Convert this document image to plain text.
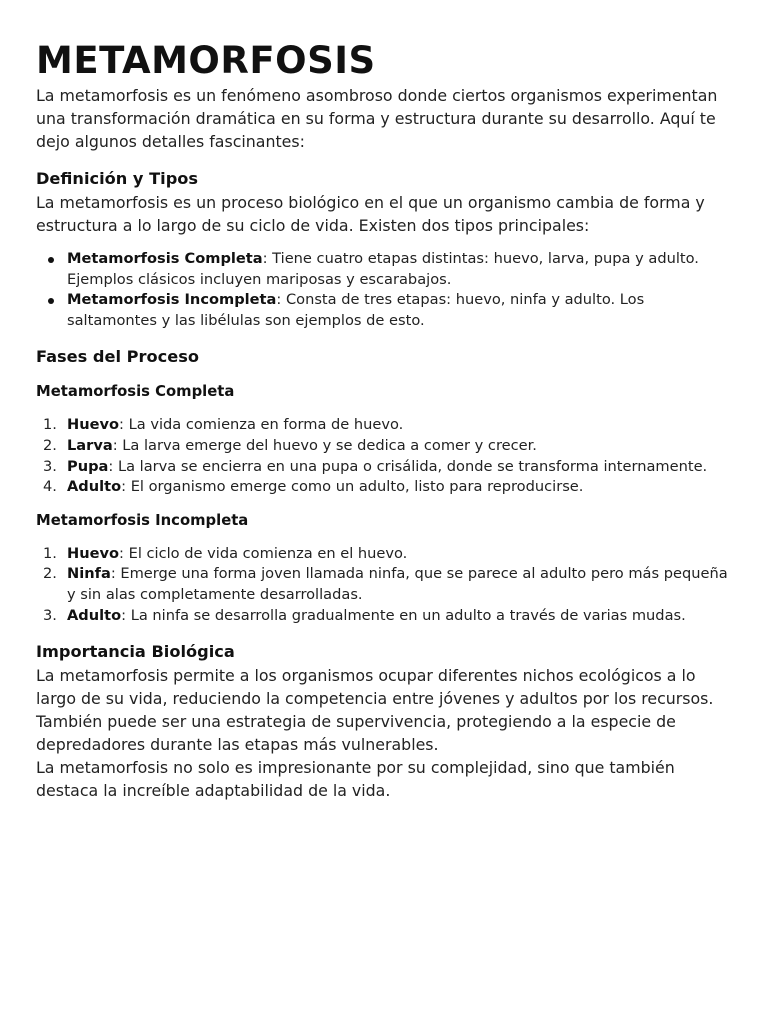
METAMORFOSIS

La metamorfosis es un fenómeno asombroso donde ciertos organismos experimentan una transformación dramática en su forma y estructura durante su desarrollo. Aquí te dejo algunos detalles fascinantes:

Definición y Tipos

La metamorfosis es un proceso biológico en el que un organismo cambia de forma y estructura a lo largo de su ciclo de vida. Existen dos tipos principales:

Metamorfosis Completa: Tiene cuatro etapas distintas: huevo, larva, pupa y adulto. Ejemplos clásicos incluyen mariposas y escarabajos.
Metamorfosis Incompleta: Consta de tres etapas: huevo, ninfa y adulto. Los saltamontes y las libélulas son ejemplos de esto.
Fases del Proceso
Metamorfosis Completa
1. Huevo: La vida comienza en forma de huevo.
2. Larva: La larva emerge del huevo y se dedica a comer y crecer.
3. Pupa: La larva se encierra en una pupa o crisálida, donde se transforma internamente.
4. Adulto: El organismo emerge como un adulto, listo para reproducirse.
Metamorfosis Incompleta
1. Huevo: El ciclo de vida comienza en el huevo.
2. Ninfa: Emerge una forma joven llamada ninfa, que se parece al adulto pero más pequeña y sin alas completamente desarrolladas.
3. Adulto: La ninfa se desarrolla gradualmente en un adulto a través de varias mudas.
Importancia Biológica

La metamorfosis permite a los organismos ocupar diferentes nichos ecológicos a lo largo de su vida, reduciendo la competencia entre jóvenes y adultos por los recursos. También puede ser una estrategia de supervivencia, protegiendo a la especie de depredadores durante las etapas más vulnerables.

La metamorfosis no solo es impresionante por su complejidad, sino que también destaca la increíble adaptabilidad de la vida.
